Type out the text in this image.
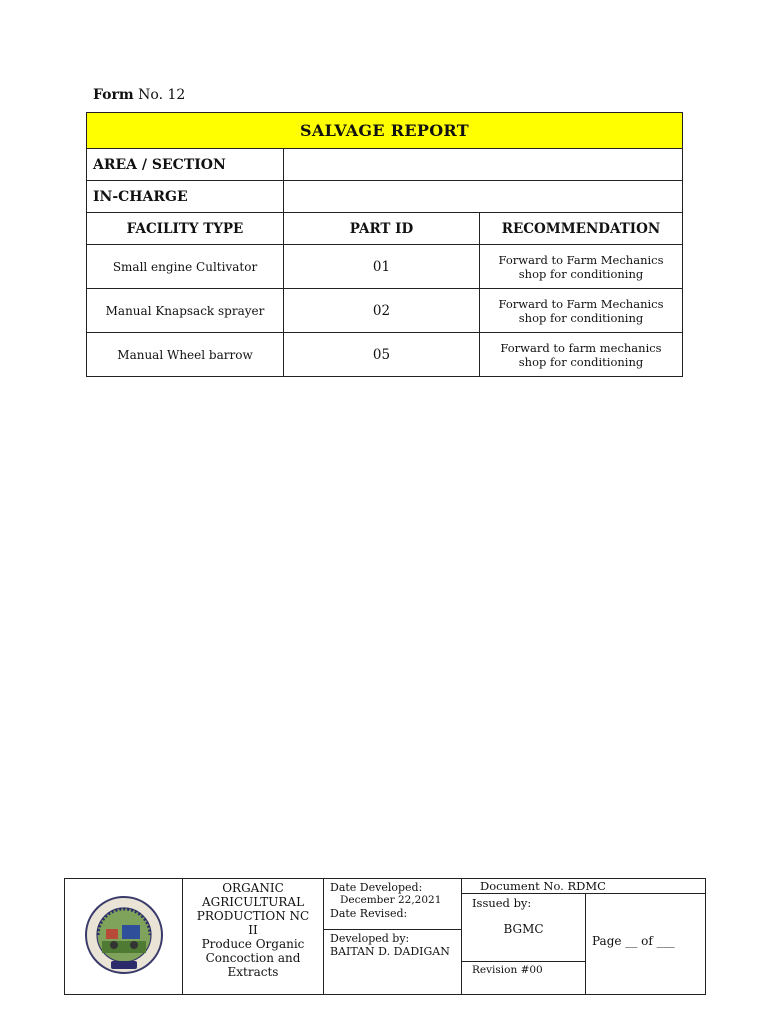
Form No. 12
SALVAGE REPORT		
AREA / SECTION		
IN-CHARGE		
FACILITY TYPE	PART ID	RECOMMENDATION
Small engine Cultivator	01	Forward to Farm Mechanics
shop for conditioning

Manual Knapsack sprayer	02	Forward to Farm Mechanics
shop for conditioning

Manual Wheel barrow	05	Forward to farm mechanics
shop for conditioning

ORGANIC
AGRICULTURAL
PRODUCTION NC
II
Produce Organic
Concoction and
Extracts

Date Developed:
December 22,2021
Date Revised:
Developed by:
BAITAN D. DADIGAN

Document No. RDMC
Issued by:
BGMC
Revision #00
Page __ of ___
